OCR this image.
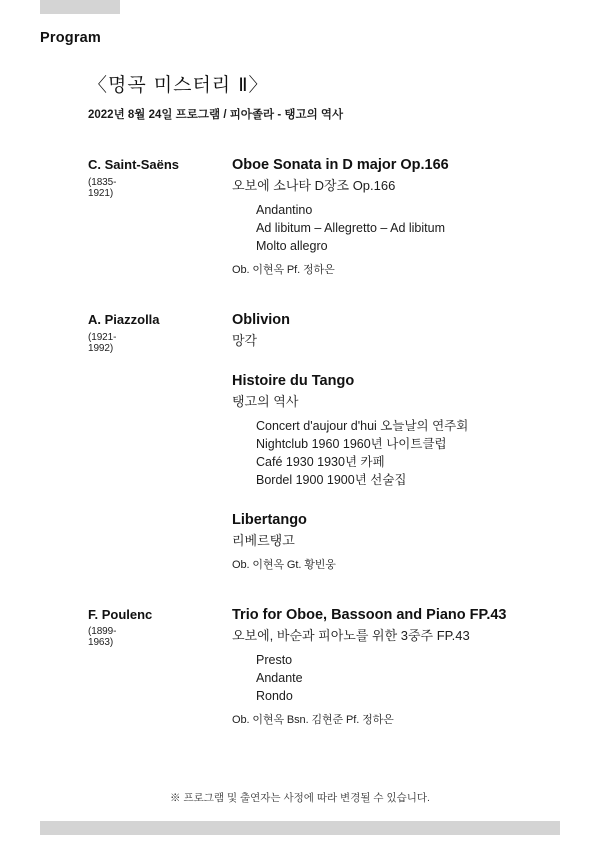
Program
〈명곡 미스터리 Ⅱ〉
2022년 8월 24일 프로그램 / 피아졸라 - 탱고의 역사
C. Saint-Saëns
(1835-1921)
Oboe Sonata in D major Op.166
오보에 소나타 D장조 Op.166
Andantino
Ad libitum – Allegretto – Ad libitum
Molto allegro
Ob. 이현옥 Pf. 정하은
A. Piazzolla
(1921-1992)
Oblivion
망각
Histoire du Tango
탱고의 역사
Concert d'aujour d'hui 오늘날의 연주회
Nightclub 1960 1960년 나이트클럽
Café 1930 1930년 카페
Bordel 1900 1900년 선술집
Libertango
리베르탱고
Ob. 이현옥 Gt. 황빈웅
F. Poulenc
(1899-1963)
Trio for Oboe, Bassoon and Piano FP.43
오보에, 바순과 피아노를 위한 3중주 FP.43
Presto
Andante
Rondo
Ob. 이현옥 Bsn. 김현준 Pf. 정하은
※ 프로그램 및 출연자는 사정에 따라 변경될 수 있습니다.
